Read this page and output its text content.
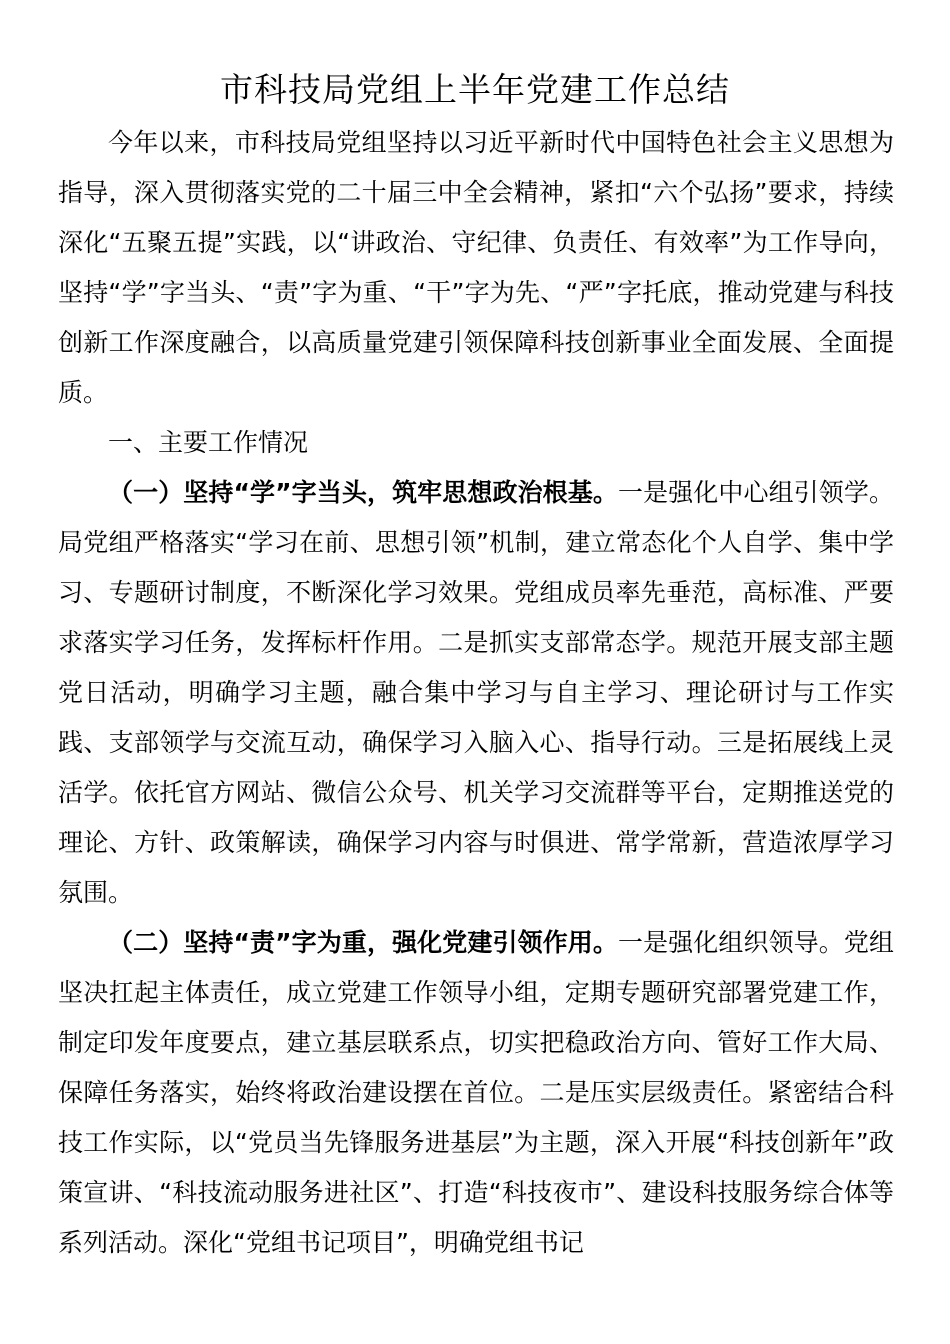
市科技局党组上半年党建工作总结

今年以来，市科技局党组坚持以习近平新时代中国特色社会主义思想为指导，深入贯彻落实党的二十届三中全会精神，紧扣“六个弘扬”要求，持续深化“五聚五提”实践，以“讲政治、守纪律、负责任、有效率”为工作导向，坚持“学”字当头、“责”字为重、“干”字为先、“严”字托底，推动党建与科技创新工作深度融合，以高质量党建引领保障科技创新事业全面发展、全面提质。

一、主要工作情况

（一）坚持“学”字当头，筑牢思想政治根基。一是强化中心组引领学。局党组严格落实“学习在前、思想引领”机制，建立常态化个人自学、集中学习、专题研讨制度，不断深化学习效果。党组成员率先垂范，高标准、严要求落实学习任务，发挥标杆作用。二是抓实支部常态学。规范开展支部主题党日活动，明确学习主题，融合集中学习与自主学习、理论研讨与工作实践、支部领学与交流互动，确保学习入脑入心、指导行动。三是拓展线上灵活学。依托官方网站、微信公众号、机关学习交流群等平台，定期推送党的理论、方针、政策解读，确保学习内容与时俱进、常学常新，营造浓厚学习氛围。

（二）坚持“责”字为重，强化党建引领作用。一是强化组织领导。党组坚决扛起主体责任，成立党建工作领导小组，定期专题研究部署党建工作，制定印发年度要点，建立基层联系点，切实把稳政治方向、管好工作大局、保障任务落实，始终将政治建设摆在首位。二是压实层级责任。紧密结合科技工作实际，以“党员当先锋服务进基层”为主题，深入开展“科技创新年”政策宣讲、“科技流动服务进社区”、打造“科技夜市”、建设科技服务综合体等系列活动。深化“党组书记项目”，明确党组书记
